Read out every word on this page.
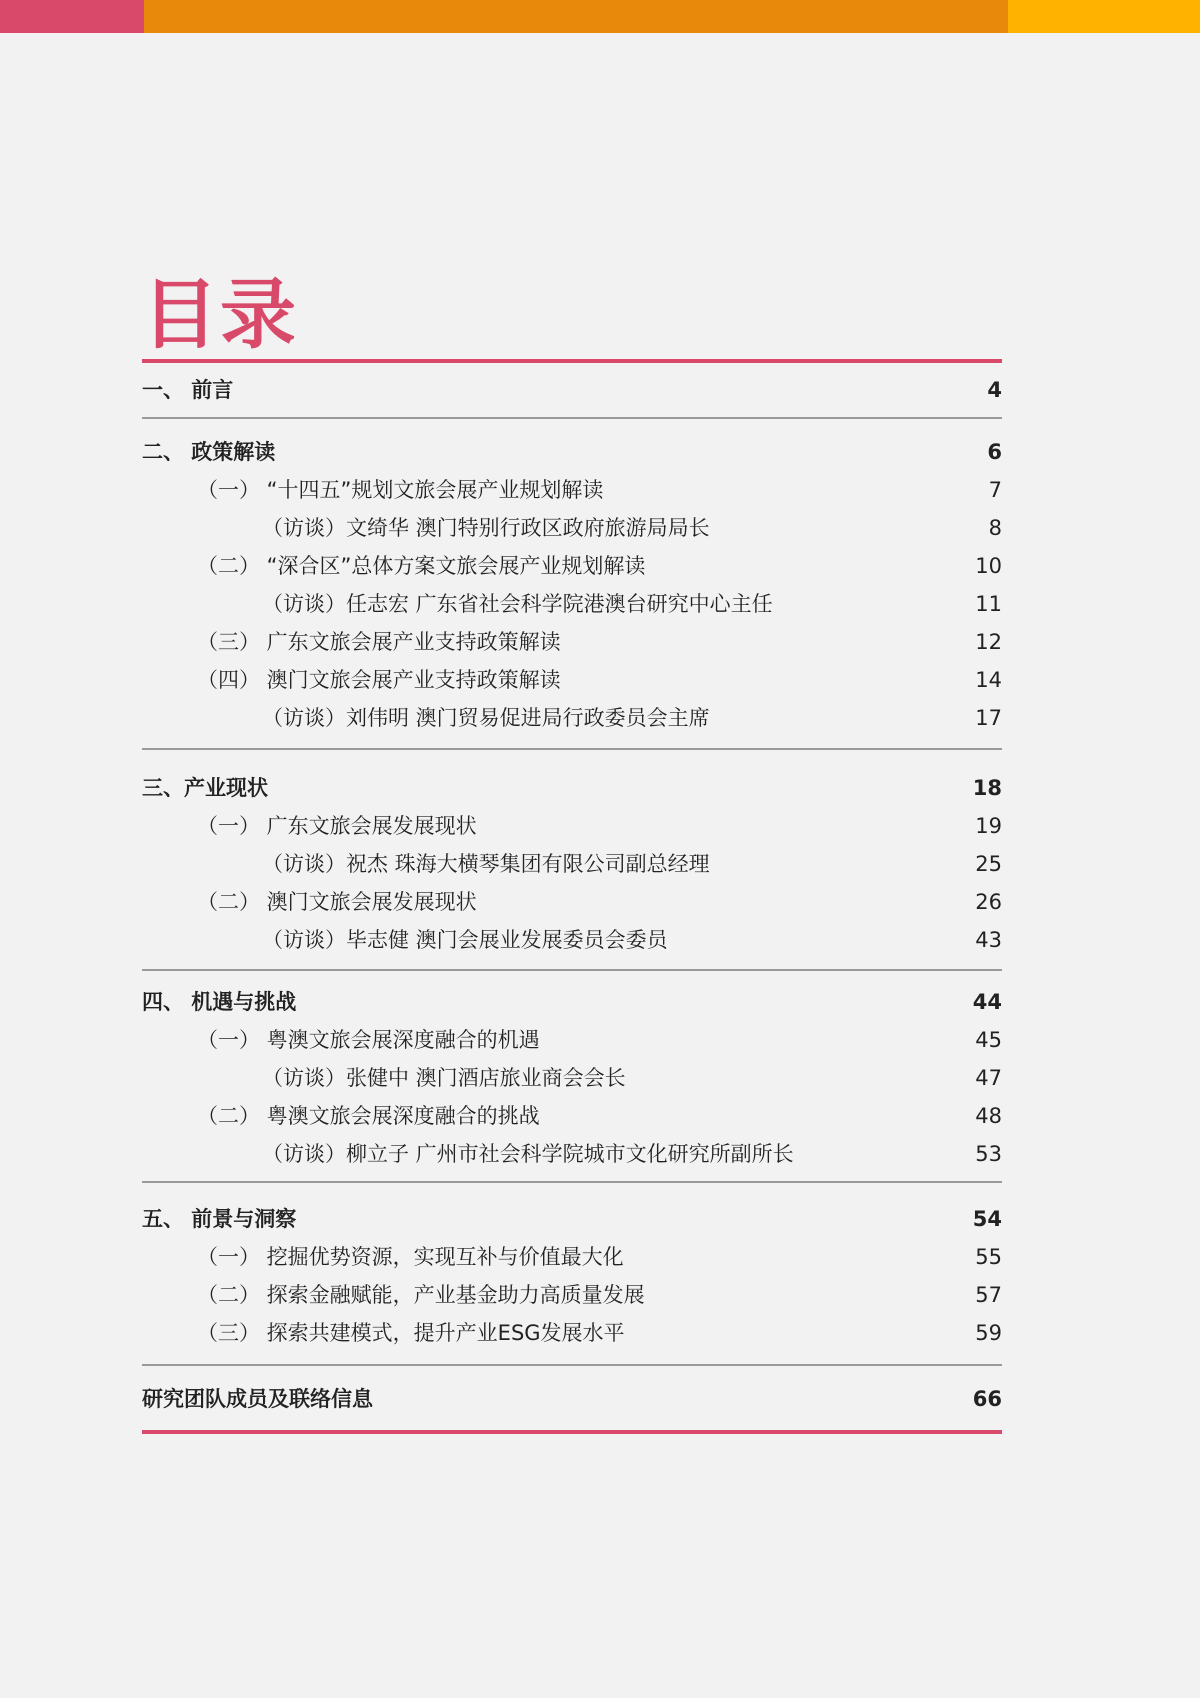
目录
一、 前言	4
二、 政策解读	6
（一） “十四五”规划文旅会展产业规划解读	7
（访谈）文绮华 澳门特别行政区政府旅游局局长	8
（二） “深合区”总体方案文旅会展产业规划解读	10
（访谈）任志宏 广东省社会科学院港澳台研究中心主任	11
（三） 广东文旅会展产业支持政策解读	12
（四） 澳门文旅会展产业支持政策解读	14
（访谈）刘伟明 澳门贸易促进局行政委员会主席	17
三、产业现状	18
（一） 广东文旅会展发展现状	19
（访谈）祝杰 珠海大横琴集团有限公司副总经理	25
（二） 澳门文旅会展发展现状	26
（访谈）毕志健 澳门会展业发展委员会委员	43
四、 机遇与挑战	44
（一） 粤澳文旅会展深度融合的机遇	45
（访谈）张健中 澳门酒店旅业商会会长	47
（二） 粤澳文旅会展深度融合的挑战	48
（访谈）柳立子 广州市社会科学院城市文化研究所副所长	53
五、 前景与洞察	54
（一） 挖掘优势资源，实现互补与价值最大化	55
（二） 探索金融赋能，产业基金助力高质量发展	57
（三） 探索共建模式，提升产业ESG发展水平	59
研究团队成员及联络信息	66
